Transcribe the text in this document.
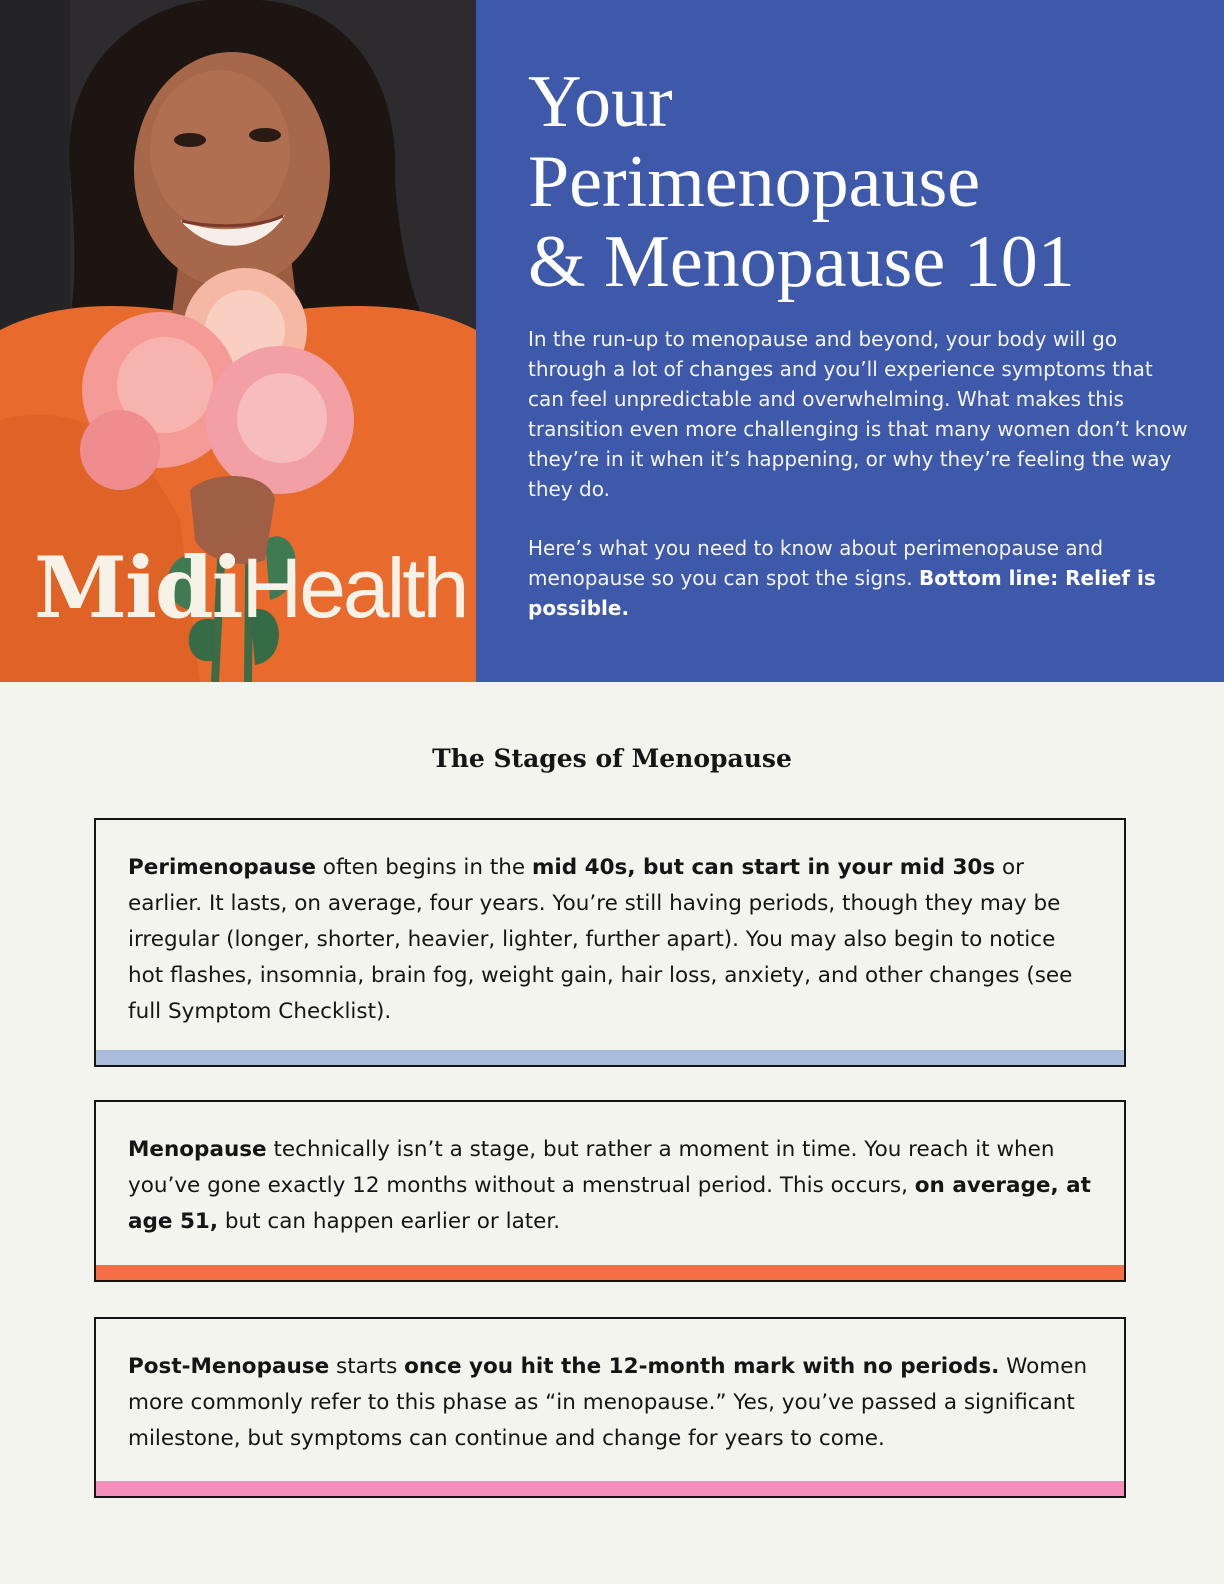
MidiHealth
Your
Perimenopause
& Menopause 101

In the run-up to menopause and beyond, your body will go through a lot of changes and you’ll experience symptoms that can feel unpredictable and overwhelming. What makes this transition even more challenging is that many women don’t know they’re in it when it’s happening, or why they’re feeling the way they do.

Here’s what you need to know about perimenopause and menopause so you can spot the signs. Bottom line: Relief is possible.

The Stages of Menopause
Perimenopause often begins in the mid 40s, but can start in your mid 30s or earlier. It lasts, on average, four years. You’re still having periods, though they may be irregular (longer, shorter, heavier, lighter, further apart). You may also begin to notice hot flashes, insomnia, brain fog, weight gain, hair loss, anxiety, and other changes (see full Symptom Checklist).
Menopause technically isn’t a stage, but rather a moment in time. You reach it when you’ve gone exactly 12 months without a menstrual period. This occurs, on average, at age 51, but can happen earlier or later.
Post-Menopause starts once you hit the 12-month mark with no periods. Women more commonly refer to this phase as “in menopause.” Yes, you’ve passed a significant milestone, but symptoms can continue and change for years to come.
